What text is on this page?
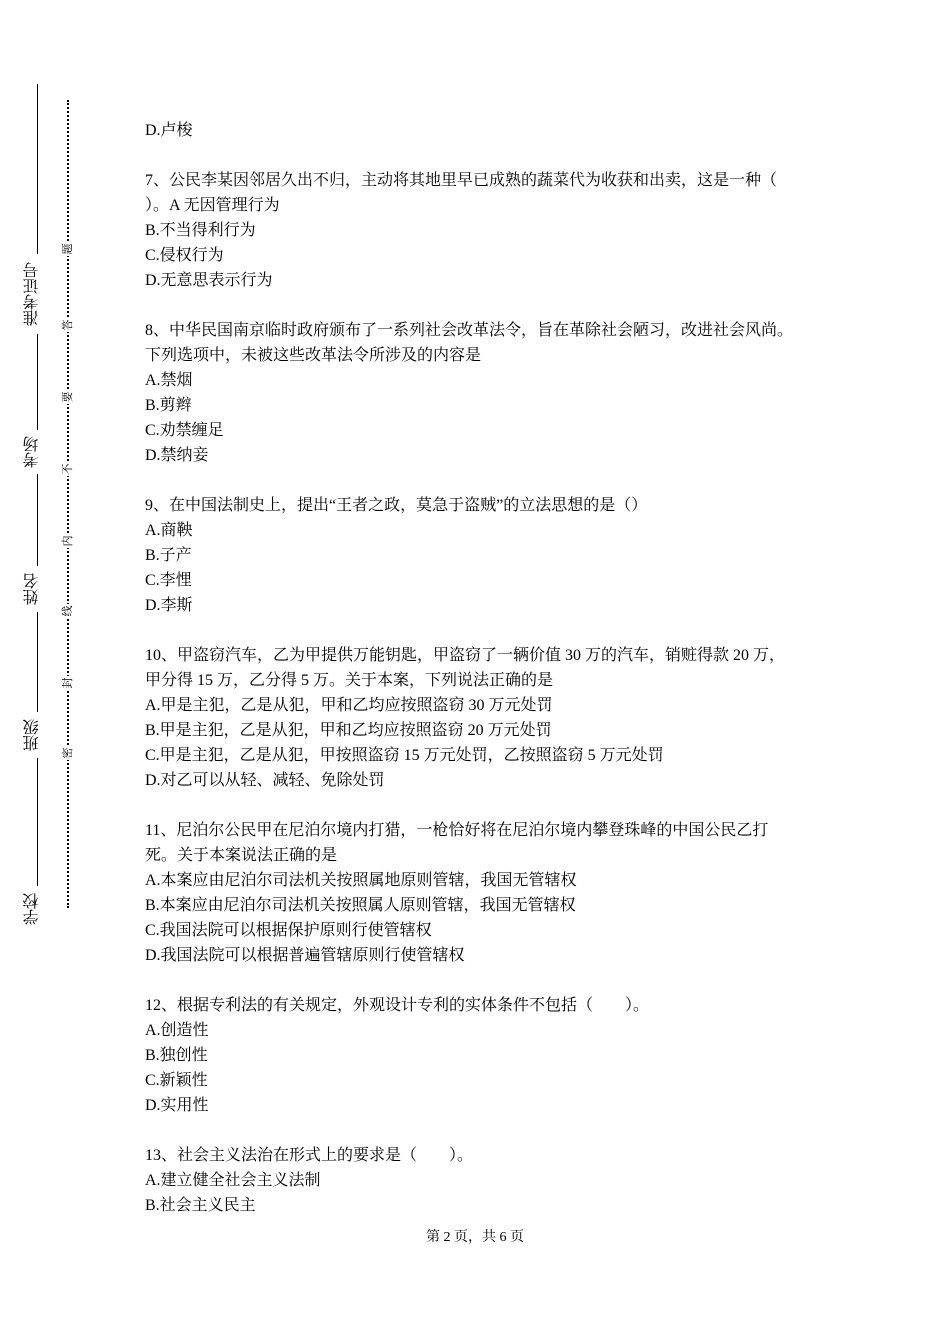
准考证号
考场
姓名
班级
学校
题
答
要
不
内
线
封
密
D.卢梭
7、公民李某因邻居久出不归，主动将其地里早已成熟的蔬菜代为收获和出卖，这是一种（
）。A 无因管理行为
B.不当得利行为
C.侵权行为
D.无意思表示行为
8、中华民国南京临时政府颁布了一系列社会改革法令，旨在革除社会陋习，改进社会风尚。
下列选项中，未被这些改革法令所涉及的内容是
A.禁烟
B.剪辫
C.劝禁缠足
D.禁纳妾
9、在中国法制史上，提出“王者之政，莫急于盗贼”的立法思想的是（）
A.商鞅
B.子产
C.李悝
D.李斯
10、甲盗窃汽车，乙为甲提供万能钥匙，甲盗窃了一辆价值 30 万的汽车，销赃得款 20 万，
甲分得 15 万，乙分得 5 万。关于本案，下列说法正确的是
A.甲是主犯，乙是从犯，甲和乙均应按照盗窃 30 万元处罚
B.甲是主犯，乙是从犯，甲和乙均应按照盗窃 20 万元处罚
C.甲是主犯，乙是从犯，甲按照盗窃 15 万元处罚，乙按照盗窃 5 万元处罚
D.对乙可以从轻、减轻、免除处罚
11、尼泊尔公民甲在尼泊尔境内打猎，一枪恰好将在尼泊尔境内攀登珠峰的中国公民乙打
死。关于本案说法正确的是
A.本案应由尼泊尔司法机关按照属地原则管辖，我国无管辖权
B.本案应由尼泊尔司法机关按照属人原则管辖，我国无管辖权
C.我国法院可以根据保护原则行使管辖权
D.我国法院可以根据普遍管辖原则行使管辖权
12、根据专利法的有关规定，外观设计专利的实体条件不包括（　　）。
A.创造性
B.独创性
C.新颖性
D.实用性
13、社会主义法治在形式上的要求是（　　）。
A.建立健全社会主义法制
B.社会主义民主
第 2 页，共 6 页
